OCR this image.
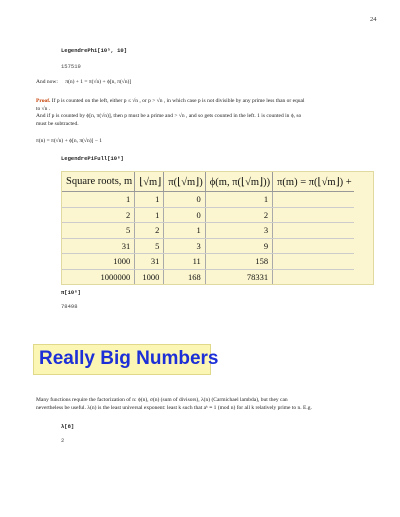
24
LegendrePhi[10⁵, 10]
157519
And now: π(n) + 1 = π(√n) + ϕ[n, π(√n)]
Proof. If p is counted on the left, either p ≤ √n , or p > √n , in which case p is not divisible by any prime less than or equal
to √n .
And if p is counted by ϕ[n, π(√n)], then p must be a prime and > √n , and so gets counted in the left. 1 is counted in ϕ, so
must be subtracted.
π(n) = π(√n) + ϕ[n, π(√n)] − 1
LegendrePiFull[10⁶]
Square roots, m	⌊√m⌋	π(⌊√m⌋)	ϕ(m, π(⌊√m⌋))	π(m) = π(⌊√m⌋) +
1	1	0	1	
2	1	0	2	
5	2	1	3	
31	5	3	9	
1000	31	11	158	
1000000	1000	168	78331	
π[10⁶]
78498
Really Big Numbers
Many functions require the factorization of n: ϕ(n), σ(n) (sum of divisors), λ(n) (Carmichael lambda), but they can
nevertheless be useful. λ(n) is the least universal exponent: least k such that aᵏ ≡ 1 (mod n) for all k relatively prime to n. E.g.
λ[8]
2
